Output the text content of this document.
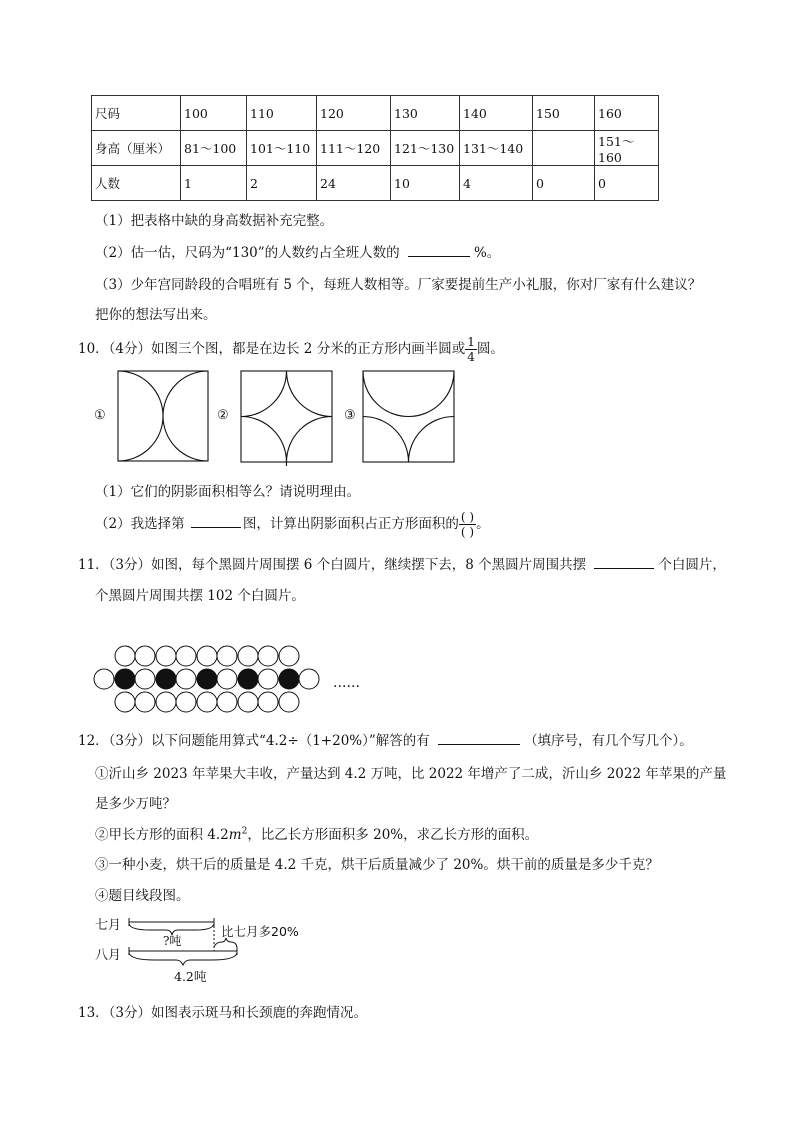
尺码	100	110	120	130	140	150	160
身高（厘米）	81～100	101～110	111～120	121～130	131～140		151～160
人数	1	2	24	10	4	0	0
（1）把表格中缺的身高数据补充完整。
（2）估一估，尺码为“130”的人数约占全班人数的	%。
（3）少年宫同龄段的合唱班有 5 个，每班人数相等。厂家要提前生产小礼服，你对厂家有什么建议？
把你的想法写出来。
10．（4分）如图三个图，都是在边长 2 分米的正方形内画半圆或 $\frac{1}{4}$ 圆。
①	②	③
（1）它们的阴影面积相等么？请说明理由。
（2）我选择第	图，计算出阴影面积占正方形面积的 $\frac{( )}{( )}$ 。
11．（3分）如图，每个黑圆片周围摆 6 个白圆片，继续摆下去，8 个黑圆片周围共摆	个白圆片，
个黑圆片周围共摆 102 个白圆片。
……
12．（3分）以下问题能用算式“4.2÷（1+20%）”解答的有	（填序号，有几个写几个）。
①沂山乡 2023 年苹果大丰收，产量达到 4.2 万吨，比 2022 年增产了二成，沂山乡 2022 年苹果的产量
是多少万吨？
②甲长方形的面积 $4.2m^2$，比乙长方形面积多 20%，求乙长方形的面积。
③一种小麦，烘干后的质量是 4.2 千克，烘干后质量减少了 20%。烘干前的质量是多少千克？
④题目线段图。
七月
八月
?吨
比七月多20%
4.2吨
13．（3分）如图表示斑马和长颈鹿的奔跑情况。
